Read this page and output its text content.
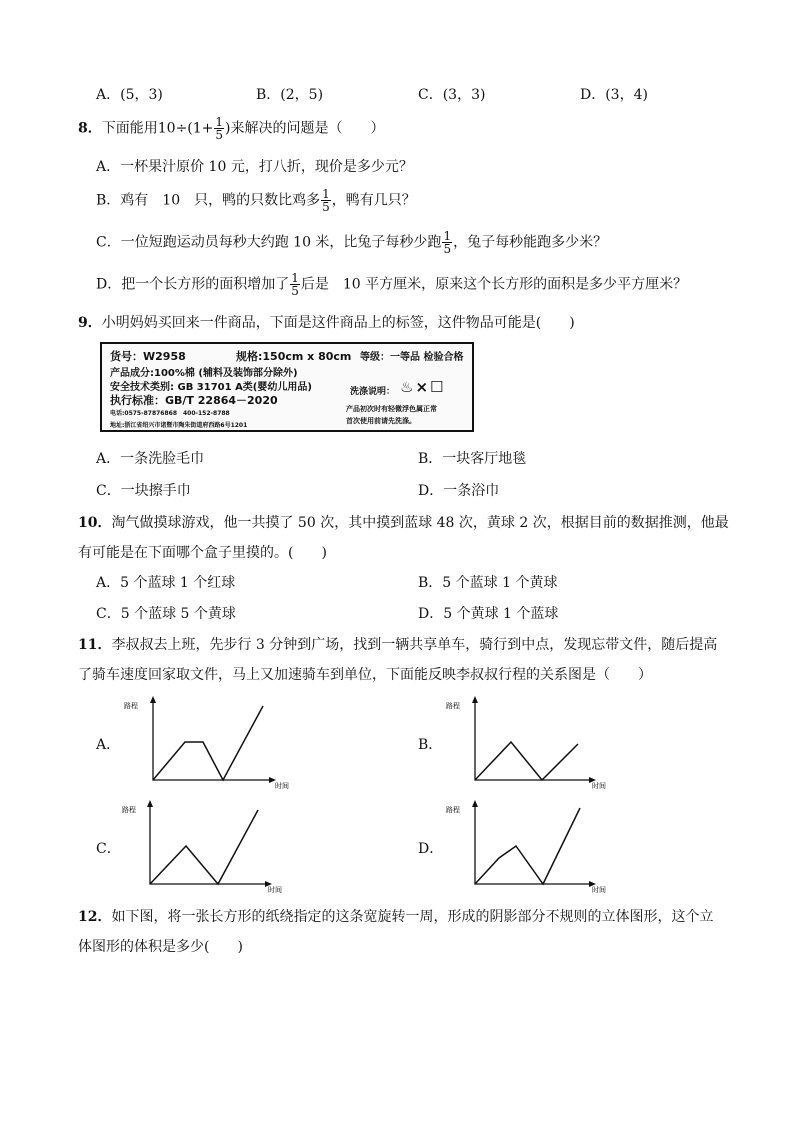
A．(5，3)	B．(2，5)	C．(3，3)	D．(3，4)
8．下面能用$10\div(1+ \frac{1}{5}$ )来解决的问题是（　　）
A．一杯果汁原价 10 元，打八折，现价是多少元？
B．鸡有　10　只，鸭的只数比鸡多 $\frac{1}{5}$ ，鸭有几只？
C．一位短跑运动员每秒大约跑 10 米，比兔子每秒少跑 $\frac{1}{5}$ ，兔子每秒能跑多少米？
D．把一个长方形的面积增加了 $\frac{1}{5}$ 后是　10 平方厘米，原来这个长方形的面积是多少平方厘米？
9．小明妈妈买回来一件商品，下面是这件商品上的标签，这件物品可能是(　　)
货号：W2958	规格:150cm x 80cm 等级：一等品 检验合格
产品成分:100%棉 (辅料及装饰部分除外)
安全技术类别: GB 31701 A类(婴幼儿用品)
执行标准：GB/T 22864－2020
电话:0575-87876868　400-152-8788
地址:浙江省绍兴市诸暨市陶朱街道府西路6号1201
洗涤说明： ♨⨯☐
产品初次时有轻微浮色属正常
首次使用前请先洗涤。
A．一条洗脸毛巾	B．一块客厅地毯
C．一块擦手巾	D．一条浴巾
10．淘气做摸球游戏，他一共摸了 50 次，其中摸到蓝球 48 次，黄球 2 次，根据目前的数据推测，他最
有可能是在下面哪个盒子里摸的。(　　)
A．5 个蓝球 1 个红球	B．5 个蓝球 1 个黄球
C．5 个蓝球 5 个黄球	D．5 个黄球 1 个蓝球
11．李叔叔去上班，先步行 3 分钟到广场，找到一辆共享单车，骑行到中点，发现忘带文件，随后提高
了骑车速度回家取文件，马上又加速骑车到单位，下面能反映李叔叔行程的关系图是（　　）
A．	B．
C．	D．
路程
时间
路程
时间
路程
时间
路程
时间
12．如下图，将一张长方形的纸绕指定的这条宽旋转一周，形成的阴影部分不规则的立体图形，这个立
体图形的体积是多少(　　)
